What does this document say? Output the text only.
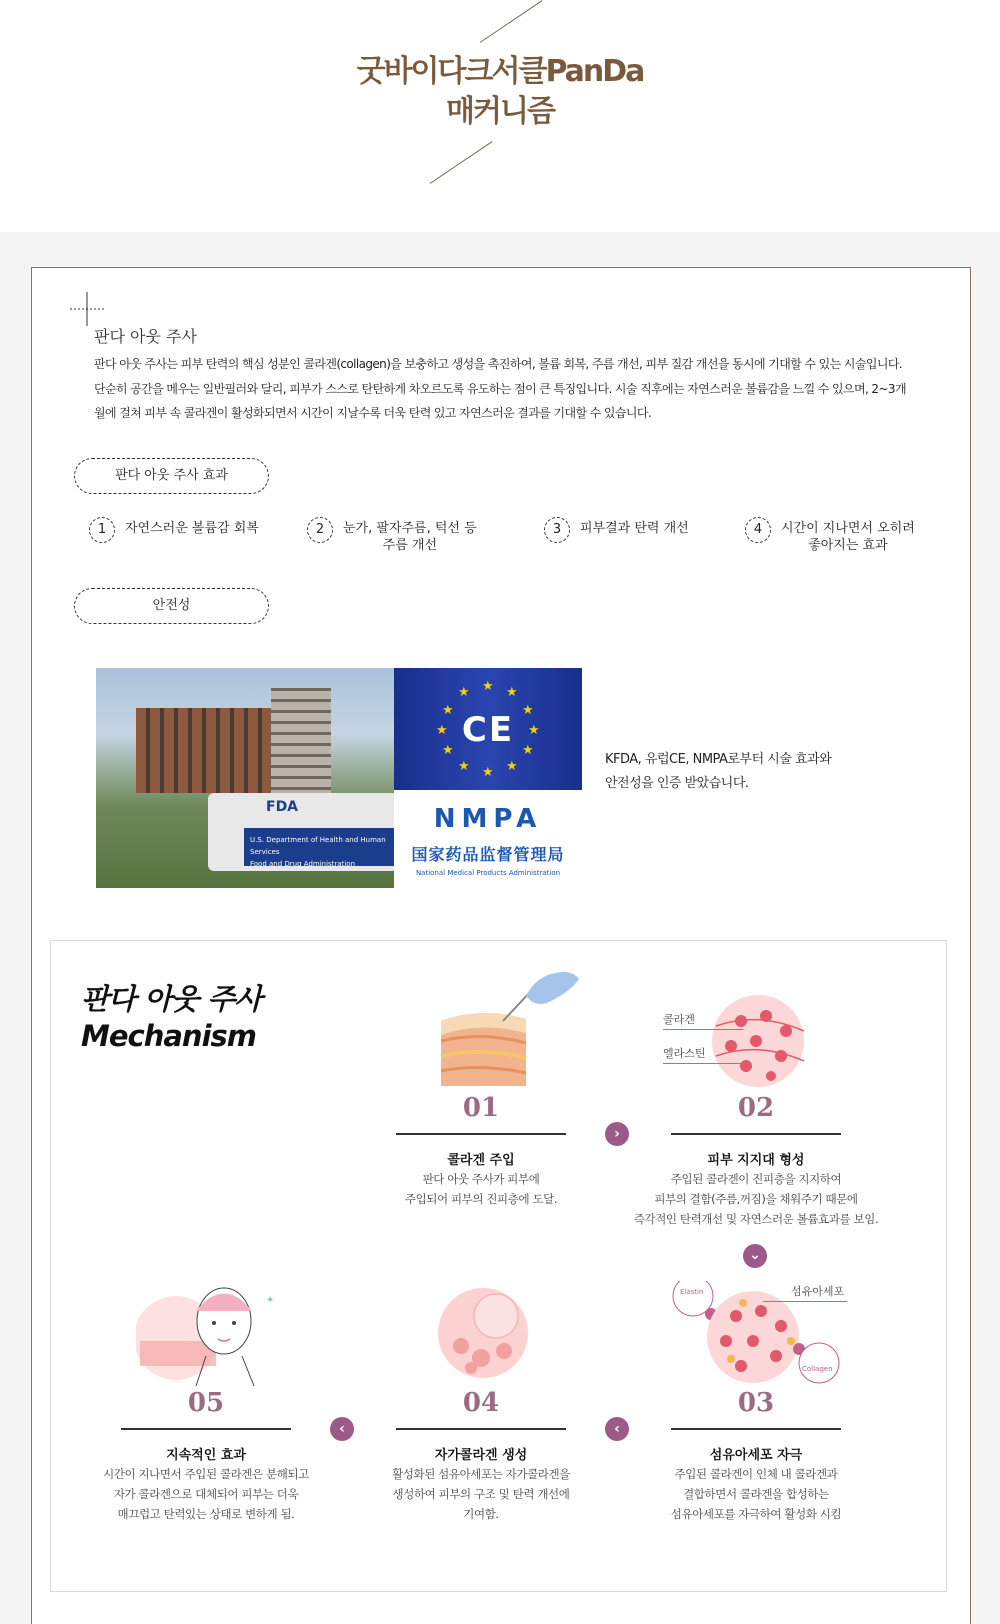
굿바이다크서클PanDa
매커니즘
판다 아웃 주사

판다 아웃 주사는 피부 탄력의 핵심 성분인 콜라겐(collagen)을 보충하고 생성을 촉진하여, 볼륨 회복, 주름 개선, 피부 질감 개선을 동시에 기대할 수 있는 시술입니다. 단순히 공간을 메우는 일반필러와 달리, 피부가 스스로 탄탄하게 차오르도록 유도하는 점이 큰 특징입니다. 시술 직후에는 자연스러운 볼륨감을 느낄 수 있으며, 2~3개월에 걸쳐 피부 속 콜라겐이 활성화되면서 시간이 지날수록 더욱 탄력 있고 자연스러운 결과를 기대할 수 있습니다.

판다 아웃 주사 효과
1	자연스러운 볼륨감 회복	2	눈가, 팔자주름, 턱선 등
주름 개선
3	피부결과 탄력 개선	4	시간이 지나면서 오히려
좋아지는 효과
안전성
FDA
U.S. Department of Health and Human Services
Food and Drug Administration
★ ★
★
★
★
★
★
★
★
★
★
★
CE
NMPA
国家药品监督管理局
National Medical Products Administration
KFDA, 유럽CE, NMPA로부터 시술 효과와
안전성을 인증 받았습니다.
판다 아웃 주사
Mechanism	콜라겐
엘라스틴
Elastin
Collagen
섬유아세포
✦
01
콜라겐 주입
판다 아웃 주사가 피부에
주입되어 피부의 진피층에 도달.
›
02
피부 지지대 형성
주입된 콜라겐이 진피층을 지지하여
피부의 결함(주름,꺼짐)을 채워주기 때문에
즉각적인 탄력개선 및 자연스러운 볼륨효과를 보임.
⌄
03
섬유아세포 자극
주입된 콜라겐이 인체 내 콜라겐과
결합하면서 콜라겐을 합성하는
섬유아세포를 자극하여 활성화 시킴
‹
04
자가콜라겐 생성
활성화된 섬유아세포는 자가콜라겐을
생성하여 피부의 구조 및 탄력 개선에
기여함.
‹
05
지속적인 효과
시간이 지나면서 주입된 콜라겐은 분해되고
자가 콜라겐으로 대체되어 피부는 더욱
매끄럽고 탄력있는 상태로 변하게 됨.
